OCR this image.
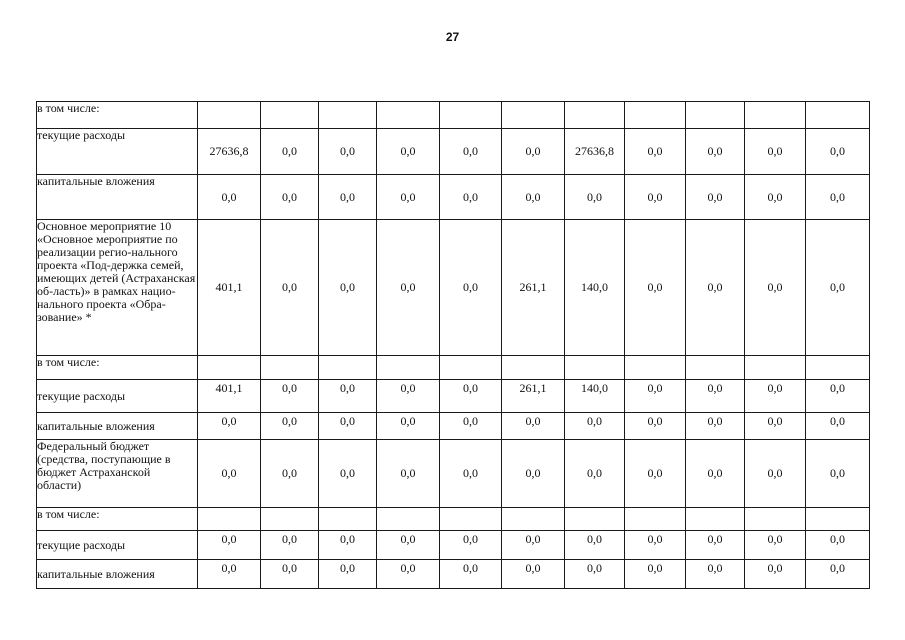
27
в том числе:											
текущие расходы	27636,8	0,0	0,0	0,0	0,0	0,0	27636,8	0,0	0,0	0,0	0,0
капитальные вложения	0,0	0,0	0,0	0,0	0,0	0,0	0,0	0,0	0,0	0,0	0,0
Основное мероприятие 10 «Основное мероприятие по реализации регио-нального проекта «Под-держка семей, имеющих детей (Астраханская об-ласть)» в рамках нацио-нального проекта «Обра-зование» *	401,1	0,0	0,0	0,0	0,0	261,1	140,0	0,0	0,0	0,0	0,0
в том числе:											
текущие расходы	401,1	0,0	0,0	0,0	0,0	261,1	140,0	0,0	0,0	0,0	0,0
капитальные вложения	0,0	0,0	0,0	0,0	0,0	0,0	0,0	0,0	0,0	0,0	0,0
Федеральный бюджет (средства, поступающие в бюджет Астраханской области)	0,0	0,0	0,0	0,0	0,0	0,0	0,0	0,0	0,0	0,0	0,0
в том числе:											
текущие расходы	0,0	0,0	0,0	0,0	0,0	0,0	0,0	0,0	0,0	0,0	0,0
капитальные вложения	0,0	0,0	0,0	0,0	0,0	0,0	0,0	0,0	0,0	0,0	0,0
